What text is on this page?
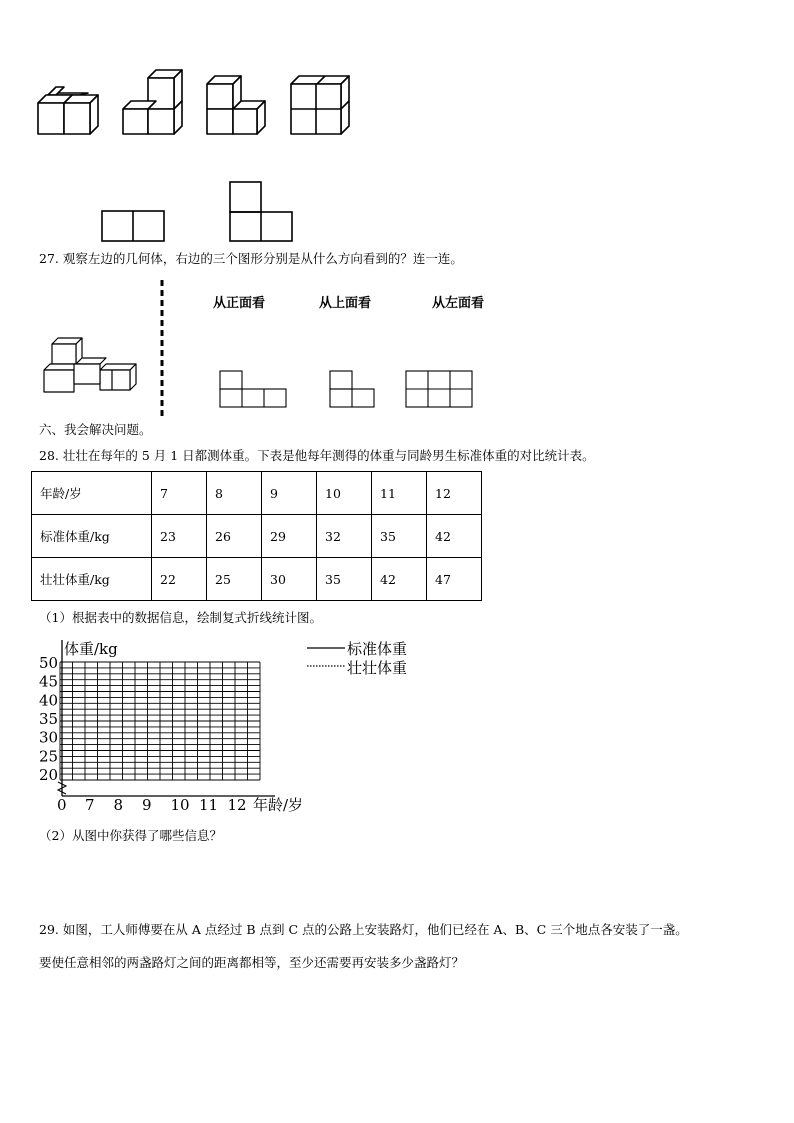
27. 观察左边的几何体，右边的三个图形分别是从什么方向看到的？连一连。
从正面看	从上面看	从左面看
六、我会解决问题。
28. 壮壮在每年的 5 月 1 日都测体重。下表是他每年测得的体重与同龄男生标准体重的对比统计表。
年龄/岁	7	8	9	10	11	12
标准体重/kg	23	26	29	32	35	42
壮壮体重/kg	22	25	30	35	42	47
（1）根据表中的数据信息，绘制复式折线统计图。
50
45
40
35
30
25
20
0 7 8 9 10 11 12
体重/kg
年龄/岁
标准体重
壮壮体重
（2）从图中你获得了哪些信息？
29. 如图，工人师傅要在从 A 点经过 B 点到 C 点的公路上安装路灯，他们已经在 A、B、C 三个地点各安装了一盏。
要使任意相邻的两盏路灯之间的距离都相等，至少还需要再安装多少盏路灯？
